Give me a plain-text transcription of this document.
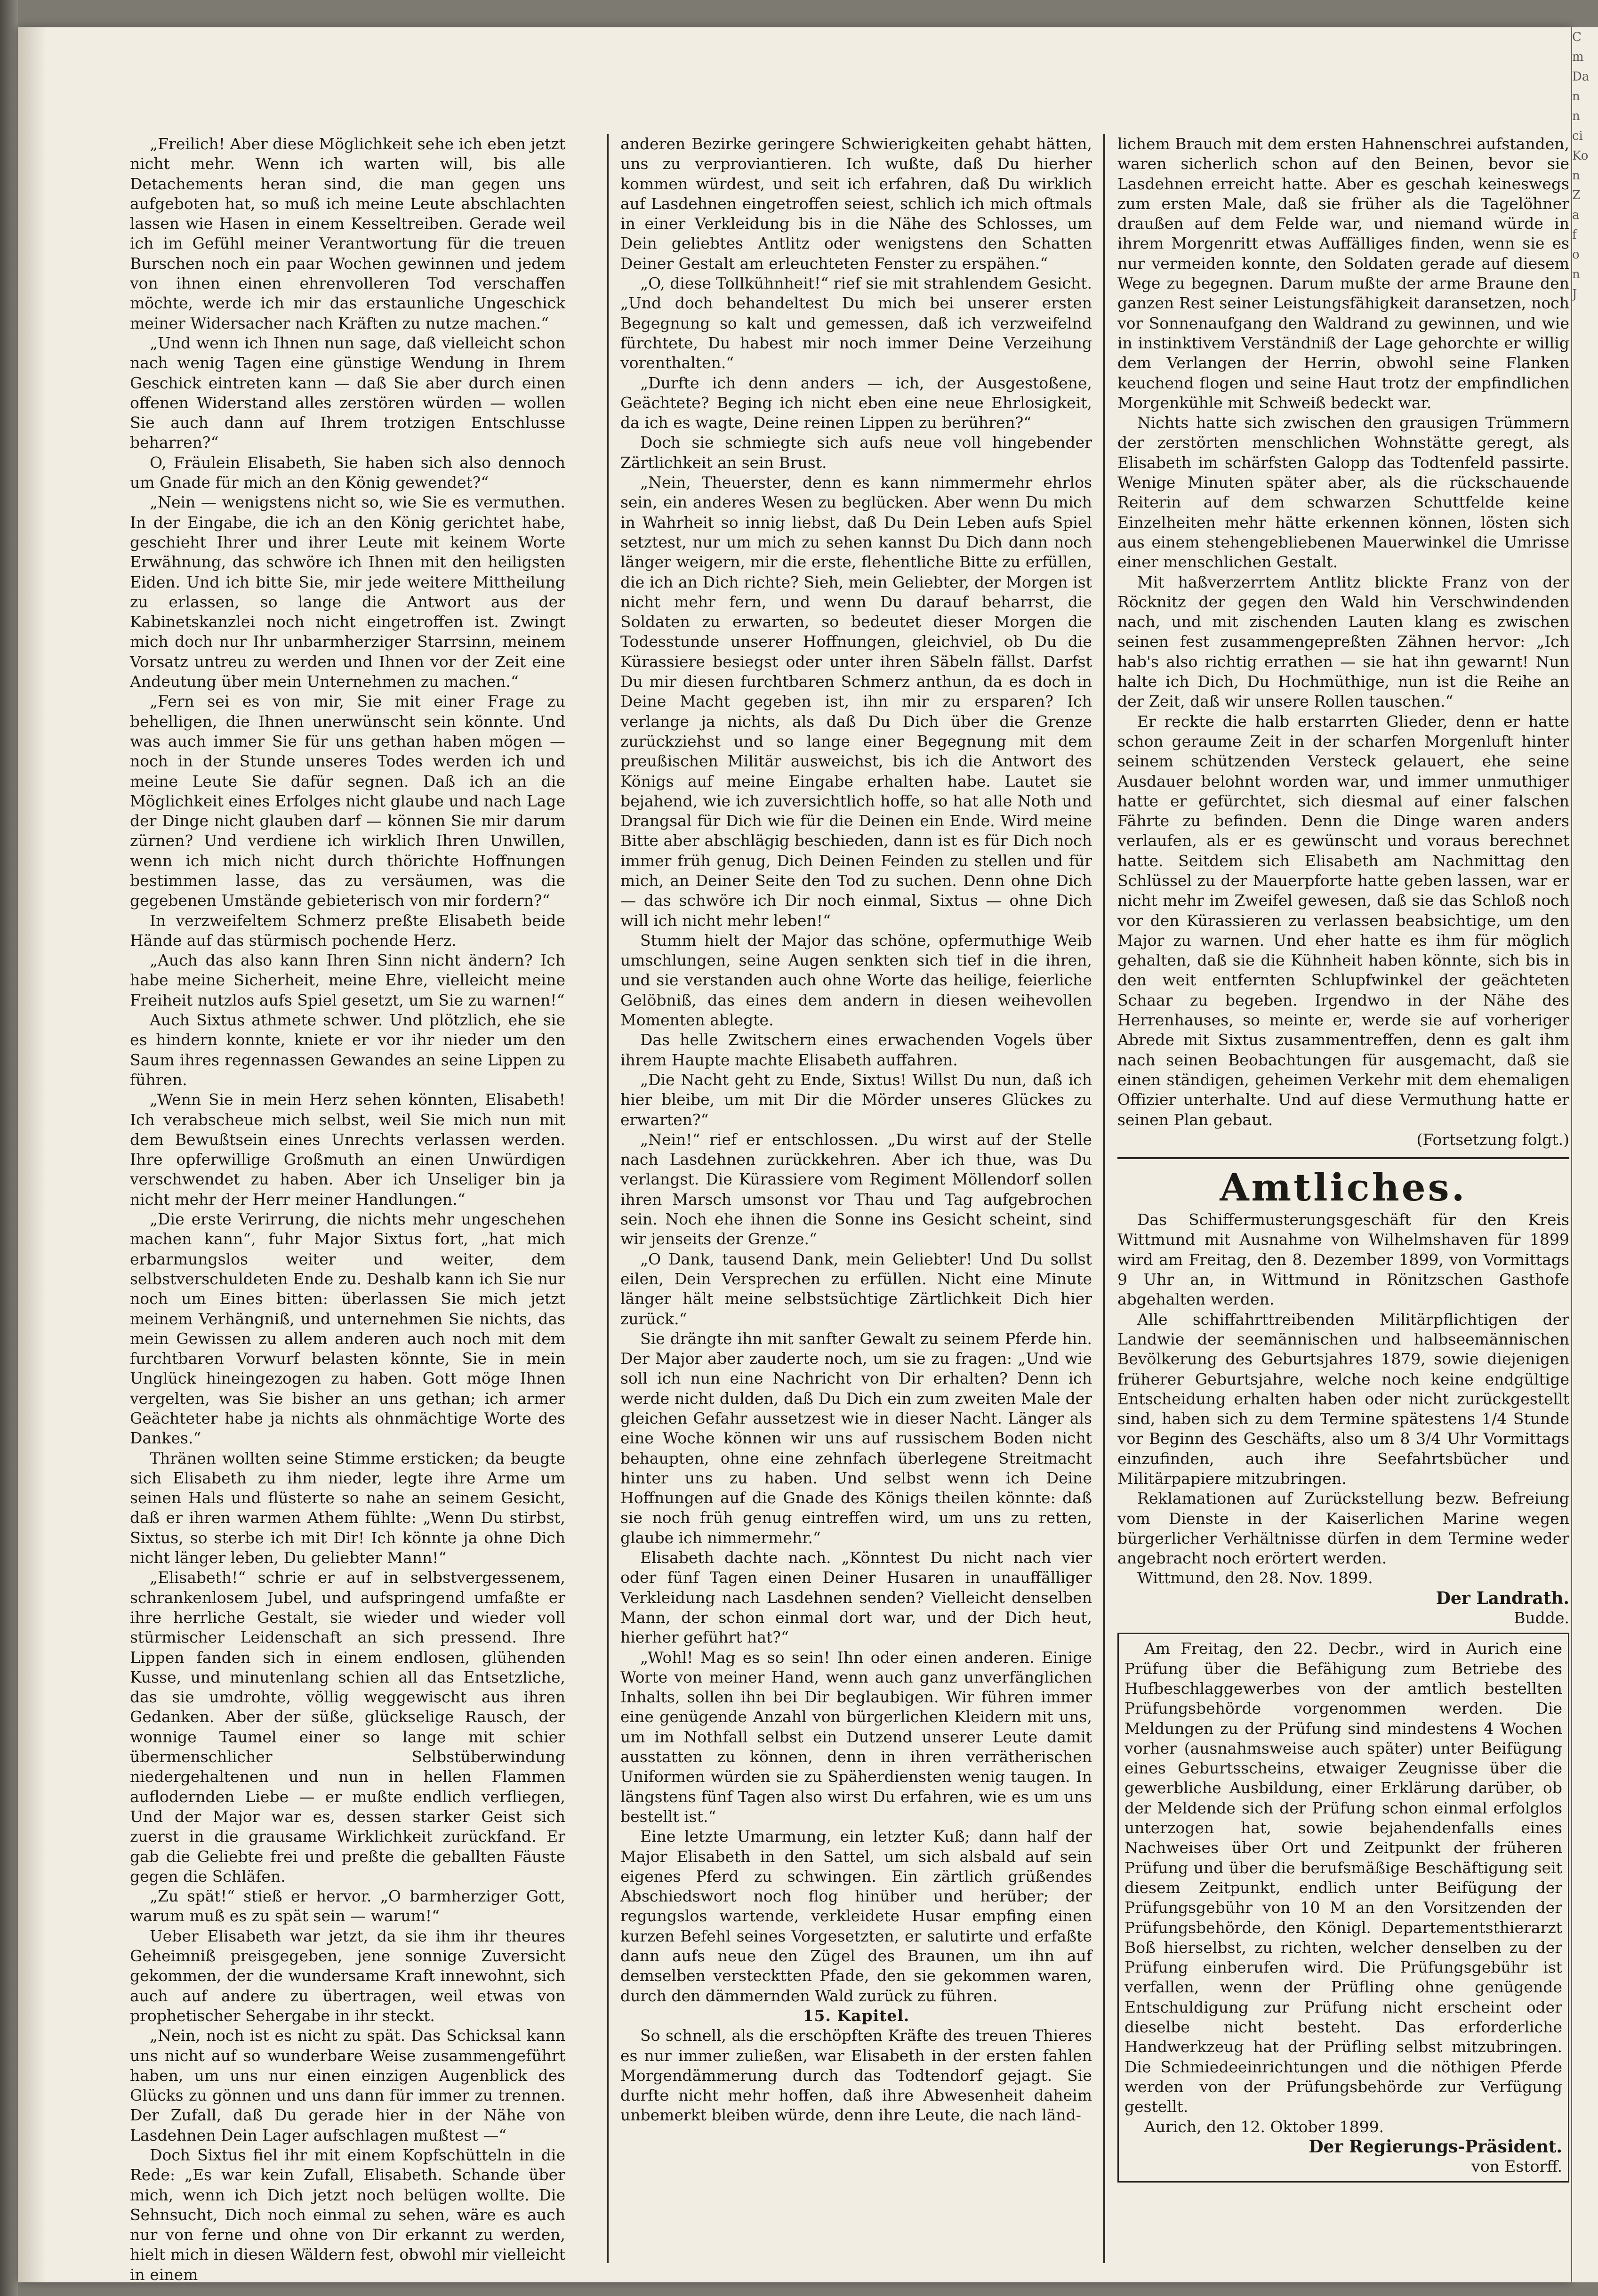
„Freilich! Aber diese Möglichkeit sehe ich eben jetzt nicht mehr. Wenn ich warten will, bis alle Detachements heran sind, die man gegen uns aufgeboten hat, so muß ich meine Leute abschlachten lassen wie Hasen in einem Kesseltreiben. Gerade weil ich im Gefühl meiner Verantwortung für die treuen Burschen noch ein paar Wochen gewinnen und jedem von ihnen einen ehrenvolleren Tod verschaffen möchte, werde ich mir das erstaunliche Ungeschick meiner Widersacher nach Kräften zu nutze machen.“

„Und wenn ich Ihnen nun sage, daß vielleicht schon nach wenig Tagen eine günstige Wendung in Ihrem Geschick eintreten kann — daß Sie aber durch einen offenen Widerstand alles zerstören würden — wollen Sie auch dann auf Ihrem trotzigen Entschlusse beharren?“

O, Fräulein Elisabeth, Sie haben sich also dennoch um Gnade für mich an den König gewendet?“

„Nein — wenigstens nicht so, wie Sie es vermuthen. In der Eingabe, die ich an den König gerichtet habe, geschieht Ihrer und ihrer Leute mit keinem Worte Erwähnung, das schwöre ich Ihnen mit den heiligsten Eiden. Und ich bitte Sie, mir jede weitere Mittheilung zu erlassen, so lange die Antwort aus der Kabinetskanzlei noch nicht eingetroffen ist. Zwingt mich doch nur Ihr unbarmherziger Starrsinn, meinem Vorsatz untreu zu werden und Ihnen vor der Zeit eine Andeutung über mein Unternehmen zu machen.“

„Fern sei es von mir, Sie mit einer Frage zu behelligen, die Ihnen unerwünscht sein könnte. Und was auch immer Sie für uns gethan haben mögen — noch in der Stunde unseres Todes werden ich und meine Leute Sie dafür segnen. Daß ich an die Möglichkeit eines Erfolges nicht glaube und nach Lage der Dinge nicht glauben darf — können Sie mir darum zürnen? Und verdiene ich wirklich Ihren Unwillen, wenn ich mich nicht durch thörichte Hoffnungen bestimmen lasse, das zu versäumen, was die gegebenen Umstände gebieterisch von mir fordern?“

In verzweifeltem Schmerz preßte Elisabeth beide Hände auf das stürmisch pochende Herz.

„Auch das also kann Ihren Sinn nicht ändern? Ich habe meine Sicherheit, meine Ehre, vielleicht meine Freiheit nutzlos aufs Spiel gesetzt, um Sie zu warnen!“

Auch Sixtus athmete schwer. Und plötzlich, ehe sie es hindern konnte, kniete er vor ihr nieder um den Saum ihres regennassen Gewandes an seine Lippen zu führen.

„Wenn Sie in mein Herz sehen könnten, Elisabeth! Ich verabscheue mich selbst, weil Sie mich nun mit dem Bewußtsein eines Unrechts verlassen werden. Ihre opferwillige Großmuth an einen Unwürdigen verschwendet zu haben. Aber ich Unseliger bin ja nicht mehr der Herr meiner Handlungen.“

„Die erste Verirrung, die nichts mehr ungeschehen machen kann“, fuhr Major Sixtus fort, „hat mich erbarmungslos weiter und weiter, dem selbstverschuldeten Ende zu. Deshalb kann ich Sie nur noch um Eines bitten: überlassen Sie mich jetzt meinem Verhängniß, und unternehmen Sie nichts, das mein Gewissen zu allem anderen auch noch mit dem furchtbaren Vorwurf belasten könnte, Sie in mein Unglück hineingezogen zu haben. Gott möge Ihnen vergelten, was Sie bisher an uns gethan; ich armer Geächteter habe ja nichts als ohnmächtige Worte des Dankes.“

Thränen wollten seine Stimme ersticken; da beugte sich Elisabeth zu ihm nieder, legte ihre Arme um seinen Hals und flüsterte so nahe an seinem Gesicht, daß er ihren warmen Athem fühlte: „Wenn Du stirbst, Sixtus, so sterbe ich mit Dir! Ich könnte ja ohne Dich nicht länger leben, Du geliebter Mann!“

„Elisabeth!“ schrie er auf in selbstvergessenem, schrankenlosem Jubel, und aufspringend umfaßte er ihre herrliche Gestalt, sie wieder und wieder voll stürmischer Leidenschaft an sich pressend. Ihre Lippen fanden sich in einem endlosen, glühenden Kusse, und minutenlang schien all das Entsetzliche, das sie umdrohte, völlig weggewischt aus ihren Gedanken. Aber der süße, glückselige Rausch, der wonnige Taumel einer so lange mit schier übermenschlicher Selbstüberwindung niedergehaltenen und nun in hellen Flammen auflodernden Liebe — er mußte endlich verfliegen, Und der Major war es, dessen starker Geist sich zuerst in die grausame Wirklichkeit zurückfand. Er gab die Geliebte frei und preßte die geballten Fäuste gegen die Schläfen.

„Zu spät!“ stieß er hervor. „O barmherziger Gott, warum muß es zu spät sein — warum!“

Ueber Elisabeth war jetzt, da sie ihm ihr theures Geheimniß preisgegeben, jene sonnige Zuversicht gekommen, der die wundersame Kraft innewohnt, sich auch auf andere zu übertragen, weil etwas von prophetischer Sehergabe in ihr steckt.

„Nein, noch ist es nicht zu spät. Das Schicksal kann uns nicht auf so wunderbare Weise zusammengeführt haben, um uns nur einen einzigen Augenblick des Glücks zu gönnen und uns dann für immer zu trennen. Der Zufall, daß Du gerade hier in der Nähe von Lasdehnen Dein Lager aufschlagen mußtest —“

Doch Sixtus fiel ihr mit einem Kopfschütteln in die Rede: „Es war kein Zufall, Elisabeth. Schande über mich, wenn ich Dich jetzt noch belügen wollte. Die Sehnsucht, Dich noch einmal zu sehen, wäre es auch nur von ferne und ohne von Dir erkannt zu werden, hielt mich in diesen Wäldern fest, obwohl mir vielleicht in einem

anderen Bezirke geringere Schwierigkeiten gehabt hätten, uns zu verproviantieren. Ich wußte, daß Du hierher kommen würdest, und seit ich erfahren, daß Du wirklich auf Lasdehnen eingetroffen seiest, schlich ich mich oftmals in einer Verkleidung bis in die Nähe des Schlosses, um Dein geliebtes Antlitz oder wenigstens den Schatten Deiner Gestalt am erleuchteten Fenster zu erspähen.“

„O, diese Tollkühnheit!“ rief sie mit strahlendem Gesicht. „Und doch behandeltest Du mich bei unserer ersten Begegnung so kalt und gemessen, daß ich verzweifelnd fürchtete, Du habest mir noch immer Deine Verzeihung vorenthalten.“

„Durfte ich denn anders — ich, der Ausgestoßene, Geächtete? Beging ich nicht eben eine neue Ehrlosigkeit, da ich es wagte, Deine reinen Lippen zu berühren?“

Doch sie schmiegte sich aufs neue voll hingebender Zärtlichkeit an sein Brust.

„Nein, Theuerster, denn es kann nimmermehr ehrlos sein, ein anderes Wesen zu beglücken. Aber wenn Du mich in Wahrheit so innig liebst, daß Du Dein Leben aufs Spiel setztest, nur um mich zu sehen kannst Du Dich dann noch länger weigern, mir die erste, flehentliche Bitte zu erfüllen, die ich an Dich richte? Sieh, mein Geliebter, der Morgen ist nicht mehr fern, und wenn Du darauf beharrst, die Soldaten zu erwarten, so bedeutet dieser Morgen die Todesstunde unserer Hoffnungen, gleichviel, ob Du die Kürassiere besiegst oder unter ihren Säbeln fällst. Darfst Du mir diesen furchtbaren Schmerz anthun, da es doch in Deine Macht gegeben ist, ihn mir zu ersparen? Ich verlange ja nichts, als daß Du Dich über die Grenze zurückziehst und so lange einer Begegnung mit dem preußischen Militär ausweichst, bis ich die Antwort des Königs auf meine Eingabe erhalten habe. Lautet sie bejahend, wie ich zuversichtlich hoffe, so hat alle Noth und Drangsal für Dich wie für die Deinen ein Ende. Wird meine Bitte aber abschlägig beschieden, dann ist es für Dich noch immer früh genug, Dich Deinen Feinden zu stellen und für mich, an Deiner Seite den Tod zu suchen. Denn ohne Dich — das schwöre ich Dir noch einmal, Sixtus — ohne Dich will ich nicht mehr leben!“

Stumm hielt der Major das schöne, opfermuthige Weib umschlungen, seine Augen senkten sich tief in die ihren, und sie verstanden auch ohne Worte das heilige, feierliche Gelöbniß, das eines dem andern in diesen weihevollen Momenten ablegte.

Das helle Zwitschern eines erwachenden Vogels über ihrem Haupte machte Elisabeth auffahren.

„Die Nacht geht zu Ende, Sixtus! Willst Du nun, daß ich hier bleibe, um mit Dir die Mörder unseres Glückes zu erwarten?“

„Nein!“ rief er entschlossen. „Du wirst auf der Stelle nach Lasdehnen zurückkehren. Aber ich thue, was Du verlangst. Die Kürassiere vom Regiment Möllendorf sollen ihren Marsch umsonst vor Thau und Tag aufgebrochen sein. Noch ehe ihnen die Sonne ins Gesicht scheint, sind wir jenseits der Grenze.“

„O Dank, tausend Dank, mein Geliebter! Und Du sollst eilen, Dein Versprechen zu erfüllen. Nicht eine Minute länger hält meine selbstsüchtige Zärtlichkeit Dich hier zurück.“

Sie drängte ihn mit sanfter Gewalt zu seinem Pferde hin. Der Major aber zauderte noch, um sie zu fragen: „Und wie soll ich nun eine Nachricht von Dir erhalten? Denn ich werde nicht dulden, daß Du Dich ein zum zweiten Male der gleichen Gefahr aussetzest wie in dieser Nacht. Länger als eine Woche können wir uns auf russischem Boden nicht behaupten, ohne eine zehnfach überlegene Streitmacht hinter uns zu haben. Und selbst wenn ich Deine Hoffnungen auf die Gnade des Königs theilen könnte: daß sie noch früh genug eintreffen wird, um uns zu retten, glaube ich nimmermehr.“

Elisabeth dachte nach. „Könntest Du nicht nach vier oder fünf Tagen einen Deiner Husaren in unauffälliger Verkleidung nach Lasdehnen senden? Vielleicht denselben Mann, der schon einmal dort war, und der Dich heut, hierher geführt hat?“

„Wohl! Mag es so sein! Ihn oder einen anderen. Einige Worte von meiner Hand, wenn auch ganz unverfänglichen Inhalts, sollen ihn bei Dir beglaubigen. Wir führen immer eine genügende Anzahl von bürgerlichen Kleidern mit uns, um im Nothfall selbst ein Dutzend unserer Leute damit ausstatten zu können, denn in ihren verrätherischen Uniformen würden sie zu Späherdiensten wenig taugen. In längstens fünf Tagen also wirst Du erfahren, wie es um uns bestellt ist.“

Eine letzte Umarmung, ein letzter Kuß; dann half der Major Elisabeth in den Sattel, um sich alsbald auf sein eigenes Pferd zu schwingen. Ein zärtlich grüßendes Abschiedswort noch flog hinüber und herüber; der regungslos wartende, verkleidete Husar empfing einen kurzen Befehl seines Vorgesetzten, er salutirte und erfaßte dann aufs neue den Zügel des Braunen, um ihn auf demselben verstecktten Pfade, den sie gekommen waren, durch den dämmernden Wald zurück zu führen.

15. Kapitel.

So schnell, als die erschöpften Kräfte des treuen Thieres es nur immer zuließen, war Elisabeth in der ersten fahlen Morgendämmerung durch das Todtendorf gejagt. Sie durfte nicht mehr hoffen, daß ihre Abwesenheit daheim unbemerkt bleiben würde, denn ihre Leute, die nach länd-

lichem Brauch mit dem ersten Hahnenschrei aufstanden, waren sicherlich schon auf den Beinen, bevor sie Lasdehnen erreicht hatte. Aber es geschah keineswegs zum ersten Male, daß sie früher als die Tagelöhner draußen auf dem Felde war, und niemand würde in ihrem Morgenritt etwas Auffälliges finden, wenn sie es nur vermeiden konnte, den Soldaten gerade auf diesem Wege zu begegnen. Darum mußte der arme Braune den ganzen Rest seiner Leistungsfähigkeit daransetzen, noch vor Sonnenaufgang den Waldrand zu gewinnen, und wie in instinktivem Verständniß der Lage gehorchte er willig dem Verlangen der Herrin, obwohl seine Flanken keuchend flogen und seine Haut trotz der empfindlichen Morgenkühle mit Schweiß bedeckt war.

Nichts hatte sich zwischen den grausigen Trümmern der zerstörten menschlichen Wohnstätte geregt, als Elisabeth im schärfsten Galopp das Todtenfeld passirte. Wenige Minuten später aber, als die rückschauende Reiterin auf dem schwarzen Schuttfelde keine Einzelheiten mehr hätte erkennen können, lösten sich aus einem stehengebliebenen Mauerwinkel die Umrisse einer menschlichen Gestalt.

Mit haßverzerrtem Antlitz blickte Franz von der Röcknitz der gegen den Wald hin Verschwindenden nach, und mit zischenden Lauten klang es zwischen seinen fest zusammengepreßten Zähnen hervor: „Ich hab's also richtig errathen — sie hat ihn gewarnt! Nun halte ich Dich, Du Hochmüthige, nun ist die Reihe an der Zeit, daß wir unsere Rollen tauschen.“

Er reckte die halb erstarrten Glieder, denn er hatte schon geraume Zeit in der scharfen Morgenluft hinter seinem schützenden Versteck gelauert, ehe seine Ausdauer belohnt worden war, und immer unmuthiger hatte er gefürchtet, sich diesmal auf einer falschen Fährte zu befinden. Denn die Dinge waren anders verlaufen, als er es gewünscht und voraus berechnet hatte. Seitdem sich Elisabeth am Nachmittag den Schlüssel zu der Mauerpforte hatte geben lassen, war er nicht mehr im Zweifel gewesen, daß sie das Schloß noch vor den Kürassieren zu verlassen beabsichtige, um den Major zu warnen. Und eher hatte es ihm für möglich gehalten, daß sie die Kühnheit haben könnte, sich bis in den weit entfernten Schlupfwinkel der geächteten Schaar zu begeben. Irgendwo in der Nähe des Herrenhauses, so meinte er, werde sie auf vorheriger Abrede mit Sixtus zusammentreffen, denn es galt ihm nach seinen Beobachtungen für ausgemacht, daß sie einen ständigen, geheimen Verkehr mit dem ehemaligen Offizier unterhalte. Und auf diese Vermuthung hatte er seinen Plan gebaut.

(Fortsetzung folgt.)

Amtliches.

Das Schiffermusterungsgeschäft für den Kreis Wittmund mit Ausnahme von Wilhelmshaven für 1899 wird am Freitag, den 8. Dezember 1899, von Vormittags 9 Uhr an, in Wittmund in Rönitzschen Gasthofe abgehalten werden.

Alle schiffahrttreibenden Militärpflichtigen der Landwie der seemännischen und halbseemännischen Bevölkerung des Geburtsjahres 1879, sowie diejenigen früherer Geburtsjahre, welche noch keine endgültige Entscheidung erhalten haben oder nicht zurückgestellt sind, haben sich zu dem Termine spätestens 1/4 Stunde vor Beginn des Geschäfts, also um 8 3/4 Uhr Vormittags einzufinden, auch ihre Seefahrtsbücher und Militärpapiere mitzubringen.

Reklamationen auf Zurückstellung bezw. Befreiung vom Dienste in der Kaiserlichen Marine wegen bürgerlicher Verhältnisse dürfen in dem Termine weder angebracht noch erörtert werden.

Wittmund, den 28. Nov. 1899.

Der Landrath.

Budde.

Am Freitag, den 22. Decbr., wird in Aurich eine Prüfung über die Befähigung zum Betriebe des Hufbeschlaggewerbes von der amtlich bestellten Prüfungsbehörde vorgenommen werden. Die Meldungen zu der Prüfung sind mindestens 4 Wochen vorher (ausnahmsweise auch später) unter Beifügung eines Geburtsscheins, etwaiger Zeugnisse über die gewerbliche Ausbildung, einer Erklärung darüber, ob der Meldende sich der Prüfung schon einmal erfolglos unterzogen hat, sowie bejahendenfalls eines Nachweises über Ort und Zeitpunkt der früheren Prüfung und über die berufsmäßige Beschäftigung seit diesem Zeitpunkt, endlich unter Beifügung der Prüfungsgebühr von 10 M an den Vorsitzenden der Prüfungsbehörde, den Königl. Departementsthierarzt Boß hierselbst, zu richten, welcher denselben zu der Prüfung einberufen wird. Die Prüfungsgebühr ist verfallen, wenn der Prüfling ohne genügende Entschuldigung zur Prüfung nicht erscheint oder dieselbe nicht besteht. Das erforderliche Handwerkzeug hat der Prüfling selbst mitzubringen. Die Schmiedeeinrichtungen und die nöthigen Pferde werden von der Prüfungsbehörde zur Verfügung gestellt.

Aurich, den 12. Oktober 1899.

Der Regierungs-Präsident.

von Estorff.

C
m
Da
n
n
ci
Ko
n
Z
a
f
o
n
J
